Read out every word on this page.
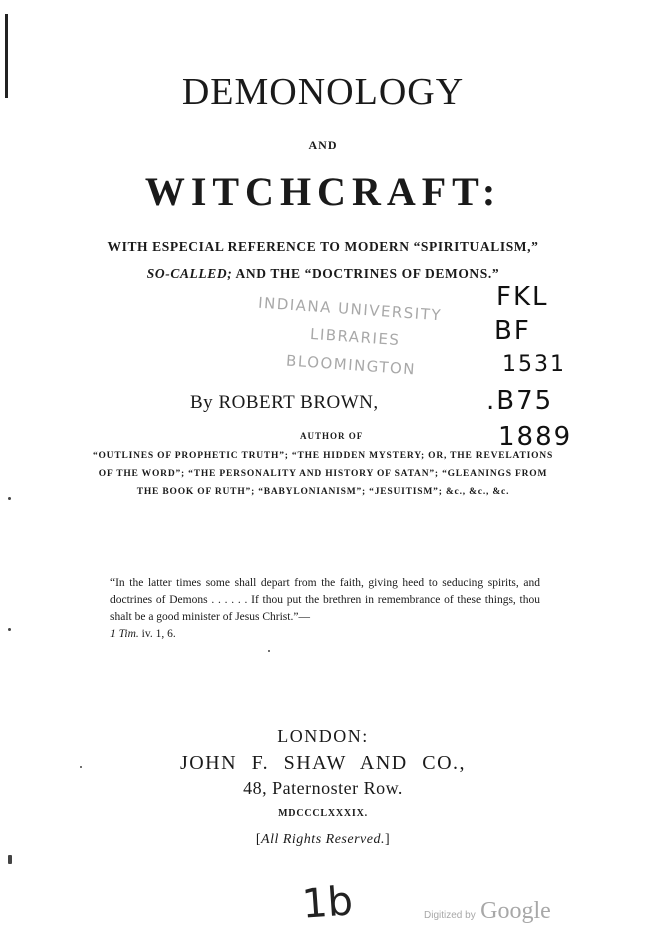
DEMONOLOGY
AND
WITCHCRAFT:
WITH ESPECIAL REFERENCE TO MODERN “SPIRITUALISM,”
SO-CALLED; AND THE “DOCTRINES OF DEMONS.”
INDIANA UNIVERSITY
LIBRARIES
BLOOMINGTON
FKL
BF
1531
.B75
1889
By ROBERT BROWN,
AUTHOR OF
“OUTLINES OF PROPHETIC TRUTH”; “THE HIDDEN MYSTERY; OR, THE REVELATIONS
OF THE WORD”; “THE PERSONALITY AND HISTORY OF SATAN”; “GLEANINGS FROM
THE BOOK OF RUTH”; “BABYLONIANISM”; “JESUITISM”; &c., &c., &c.
“In the latter times some shall depart from the faith, giving heed to seducing spirits, and doctrines of Demons . . . . . . If thou put the brethren in remembrance of these things, thou shalt be a good minister of Jesus Christ.”—
1 Tim. iv. 1, 6.
LONDON:
JOHN F. SHAW AND CO.,
48, Paternoster Row.
MDCCCLXXXIX.
[All Rights Reserved.]
1b	Digitized by Google
